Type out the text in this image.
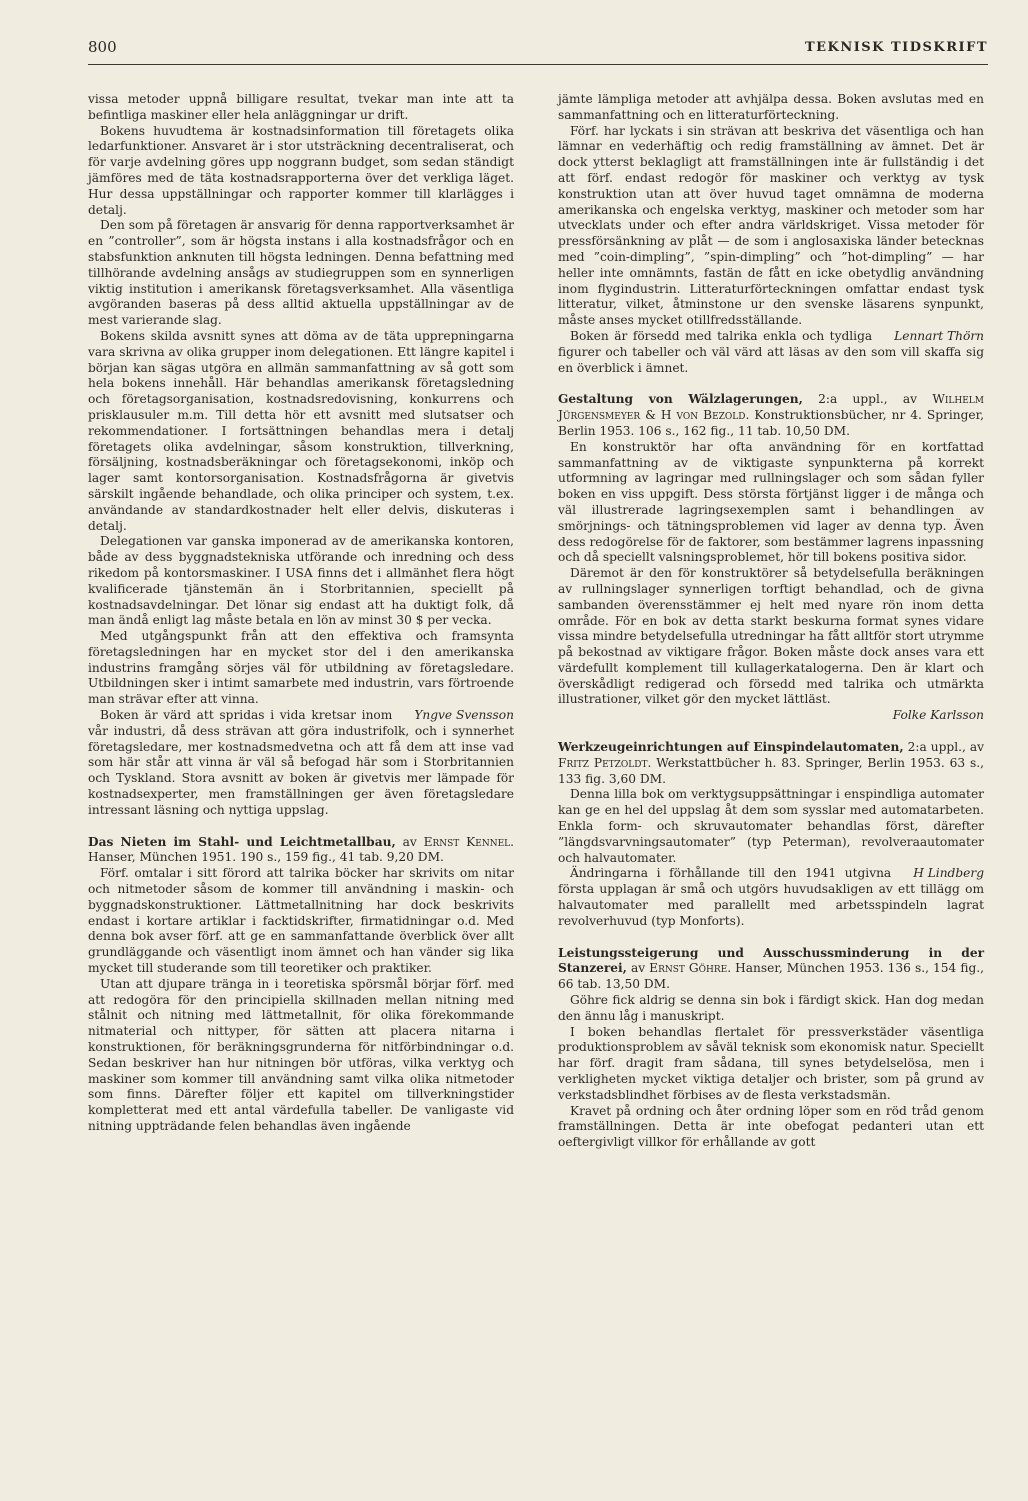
800	TEKNISK TIDSKRIFT

vissa metoder uppnå billigare resultat, tvekar man inte att ta befintliga maskiner eller hela anläggningar ur drift.

Bokens huvudtema är kostnadsinformation till företagets olika ledarfunktioner. Ansvaret är i stor utsträckning decentraliserat, och för varje avdelning göres upp noggrann budget, som sedan ständigt jämföres med de täta kostnadsrapporterna över det verkliga läget. Hur dessa uppställningar och rapporter kommer till klarlägges i detalj.

Den som på företagen är ansvarig för denna rapportverksamhet är en ”controller”, som är högsta instans i alla kostnadsfrågor och en stabsfunktion anknuten till högsta ledningen. Denna befattning med tillhörande avdelning ansågs av studiegruppen som en synnerligen viktig institution i amerikansk företagsverksamhet. Alla väsentliga avgöranden baseras på dess alltid aktuella uppställningar av de mest varierande slag.

Bokens skilda avsnitt synes att döma av de täta upprepningarna vara skrivna av olika grupper inom delegationen. Ett längre kapitel i början kan sägas utgöra en allmän sammanfattning av så gott som hela bokens innehåll. Här behandlas amerikansk företagsledning och företagsorganisation, kostnadsredovisning, konkurrens och prisklausuler m.m. Till detta hör ett avsnitt med slutsatser och rekommendationer. I fortsättningen behandlas mera i detalj företagets olika avdelningar, såsom konstruktion, tillverkning, försäljning, kostnadsberäkningar och företagsekonomi, inköp och lager samt kontorsorganisation. Kostnadsfrågorna är givetvis särskilt ingående behandlade, och olika principer och system, t.ex. användande av standardkostnader helt eller delvis, diskuteras i detalj.

Delegationen var ganska imponerad av de amerikanska kontoren, både av dess byggnadstekniska utförande och inredning och dess rikedom på kontorsmaskiner. I USA finns det i allmänhet flera högt kvalificerade tjänstemän än i Storbritannien, speciellt på kostnadsavdelningar. Det lönar sig endast att ha duktigt folk, då man ändå enligt lag måste betala en lön av minst 30 $ per vecka.

Med utgångspunkt från att den effektiva och framsynta företagsledningen har en mycket stor del i den amerikanska industrins framgång sörjes väl för utbildning av företagsledare. Utbildningen sker i intimt samarbete med industrin, vars förtroende man strävar efter att vinna.

Yngve Svensson
Boken är värd att spridas i vida kretsar inom vår industri, då dess strävan att göra industrifolk, och i synnerhet företagsledare, mer kostnadsmedvetna och att få dem att inse vad som här står att vinna är väl så befogad här som i Storbritannien och Tyskland. Stora avsnitt av boken är givetvis mer lämpade för kostnadsexperter, men framställningen ger även företagsledare intressant läsning och nyttiga uppslag.

Das Nieten im Stahl- und Leichtmetallbau, av Ernst Kennel. Hanser, München 1951. 190 s., 159 fig., 41 tab. 9,20 DM.

Förf. omtalar i sitt förord att talrika böcker har skrivits om nitar och nitmetoder såsom de kommer till användning i maskin- och byggnadskonstruktioner. Lättmetallnitning har dock beskrivits endast i kortare artiklar i facktidskrifter, firmatidningar o.d. Med denna bok avser förf. att ge en sammanfattande överblick över allt grundläggande och väsentligt inom ämnet och han vänder sig lika mycket till studerande som till teoretiker och praktiker.

Utan att djupare tränga in i teoretiska spörsmål börjar förf. med att redogöra för den principiella skillnaden mellan nitning med stålnit och nitning med lättmetallnit, för olika förekommande nitmaterial och nittyper, för sätten att placera nitarna i konstruktionen, för beräkningsgrunderna för nitförbindningar o.d. Sedan beskriver han hur nitningen bör utföras, vilka verktyg och maskiner som kommer till användning samt vilka olika nitmetoder som finns. Därefter följer ett kapitel om tillverkningstider kompletterat med ett antal värdefulla tabeller. De vanligaste vid nitning uppträdande felen behandlas även ingående

jämte lämpliga metoder att avhjälpa dessa. Boken avslutas med en sammanfattning och en litteraturförteckning.

Förf. har lyckats i sin strävan att beskriva det väsentliga och han lämnar en vederhäftig och redig framställning av ämnet. Det är dock ytterst beklagligt att framställningen inte är fullständig i det att förf. endast redogör för maskiner och verktyg av tysk konstruktion utan att över huvud taget omnämna de moderna amerikanska och engelska verktyg, maskiner och metoder som har utvecklats under och efter andra världskriget. Vissa metoder för pressförsänkning av plåt — de som i anglosaxiska länder betecknas med ”coin-dimpling”, ”spin-dimpling” och ”hot-dimpling” — har heller inte omnämnts, fastän de fått en icke obetydlig användning inom flygindustrin. Litteraturförteckningen omfattar endast tysk litteratur, vilket, åtminstone ur den svenske läsarens synpunkt, måste anses mycket otillfredsställande.

Lennart Thörn
Boken är försedd med talrika enkla och tydliga figurer och tabeller och väl värd att läsas av den som vill skaffa sig en överblick i ämnet.

Gestaltung von Wälzlagerungen, 2:a uppl., av Wilhelm Jürgensmeyer & H von Bezold. Konstruktionsbücher, nr 4. Springer, Berlin 1953. 106 s., 162 fig., 11 tab. 10,50 DM.

En konstruktör har ofta användning för en kortfattad sammanfattning av de viktigaste synpunkterna på korrekt utformning av lagringar med rullningslager och som sådan fyller boken en viss uppgift. Dess största förtjänst ligger i de många och väl illustrerade lagringsexemplen samt i behandlingen av smörjnings- och tätningsproblemen vid lager av denna typ. Även dess redogörelse för de faktorer, som bestämmer lagrens inpassning och då speciellt valsningsproblemet, hör till bokens positiva sidor.

Däremot är den för konstruktörer så betydelsefulla beräkningen av rullningslager synnerligen torftigt behandlad, och de givna sambanden överensstämmer ej helt med nyare rön inom detta område. För en bok av detta starkt beskurna format synes vidare vissa mindre betydelsefulla utredningar ha fått alltför stort utrymme på bekostnad av viktigare frågor. Boken måste dock anses vara ett värdefullt komplement till kullagerkatalogerna. Den är klart och överskådligt redigerad och försedd med talrika och utmärkta illustrationer, vilket gör den mycket lättläst.

Folke Karlsson

Werkzeugeinrichtungen auf Einspindelautomaten, 2:a uppl., av Fritz Petzoldt. Werkstattbücher h. 83. Springer, Berlin 1953. 63 s., 133 fig. 3,60 DM.

Denna lilla bok om verktygsuppsättningar i enspindliga automater kan ge en hel del uppslag åt dem som sysslar med automatarbeten. Enkla form- och skruvautomater behandlas först, därefter ”längdsvarvningsautomater” (typ Peterman), revolveraautomater och halvautomater.

H Lindberg
Ändringarna i förhållande till den 1941 utgivna första upplagan är små och utgörs huvudsakligen av ett tillägg om halvautomater med parallellt med arbetsspindeln lagrat revolverhuvud (typ Monforts).

Leistungssteigerung und Ausschussminderung in der Stanzerei, av Ernst Göhre. Hanser, München 1953. 136 s., 154 fig., 66 tab. 13,50 DM.

Göhre fick aldrig se denna sin bok i färdigt skick. Han dog medan den ännu låg i manuskript.

I boken behandlas flertalet för pressverkstäder väsentliga produktionsproblem av såväl teknisk som ekonomisk natur. Speciellt har förf. dragit fram sådana, till synes betydelselösa, men i verkligheten mycket viktiga detaljer och brister, som på grund av verkstadsblindhet förbises av de flesta verkstadsmän.

Kravet på ordning och åter ordning löper som en röd tråd genom framställningen. Detta är inte obefogat pedanteri utan ett oeftergivligt villkor för erhållande av gott
